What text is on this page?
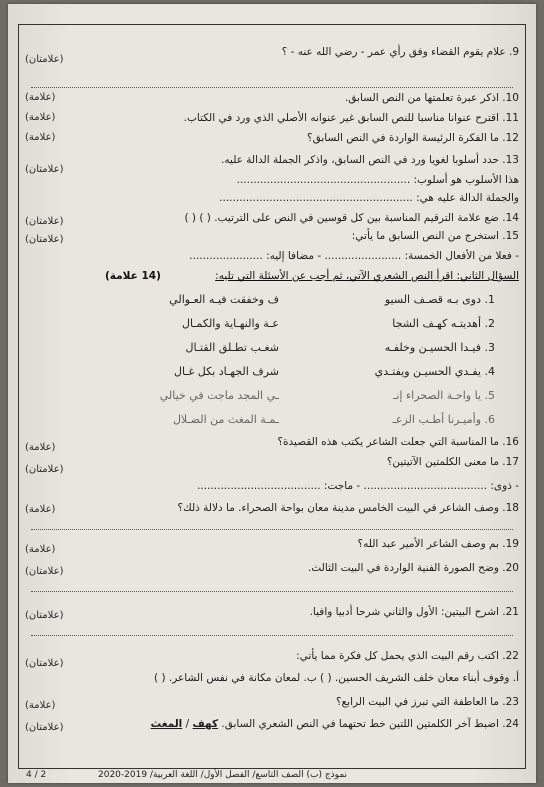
9. علام يقوم القضاء وفق رأي عمر - رضي الله عنه - ؟
(علامتان)
10. اذكر عبرة تعلمتها من النص السابق.
(علامة)
11. اقترح عنوانا مناسبا للنص السابق غير عنوانه الأصلي الذي ورد في الكتاب.
(علامة)
12. ما الفكرة الرئيسة الواردة في النص السابق؟
(علامة)
13. حدد أسلوبا لغويا ورد في النص السابق، واذكر الجملة الدالة عليه.
(علامتان)
هذا الأسلوب هو أسلوب: ....................................................
والجملة الدالة عليه هي: ..........................................................
14. ضع علامة الترقيم المناسبة بين كل قوسين في النص على الترتيب. ( ) ( )
(علامتان)
15. استخرج من النص السابق ما يأتي:
(علامتان)
- فعلا من الأفعال الخمسة: ....................... - مضافا إليه: ......................
السؤال الثاني: اقرأ النص الشعري الآتي، ثم أجب عن الأسئلة التي تليه:
(14 علامة)
1. دوى بـه قصـف السيو
ف وخفقت فيـه العـوالي
2. أهديتـه كهـف الشجا
عـة والنهـاية والكمـال
3. فيـدا الحسيـن وخلفـه
شغـب تطـلق القتـال
4. يفـدي الحسيـن ويفتـدي
شرف الجهـاد بكل غـال
5. يا واحـة الصحراء إنـ
ـي المجد ماجت في خيالي
6. وأميـرنا أطـب الزعـ
ـمـة المغث من الضـلال
16. ما المناسبة التي جعلت الشاعر يكتب هذه القصيدة؟
(علامة)
17. ما معنى الكلمتين الآتيتين؟
(علامتان)
- ذوى: ..................................... - ماجت: .....................................
18. وصف الشاعر في البيت الخامس مدينة معان بواحة الصحراء. ما دلالة ذلك؟
(علامة)
19. بم وصف الشاعر الأمير عبد الله؟
(علامة)
20. وضح الصورة الفنية الواردة في البيت الثالث.
(علامتان)
21. اشرح البيتين: الأول والثاني شرحا أدبيا وافيا.
(علامتان)
22. اكتب رقم البيت الذي يحمل كل فكرة مما يأتي:
(علامتان)
أ. وقوف أبناء معان خلف الشريف الحسين. ( ) ب. لمعان مكانة في نفس الشاعر. ( )
23. ما العاطفة التي تبرز في البيت الرابع؟
(علامة)
24. اضبط آخر الكلمتين اللتين خط تحتهما في النص الشعري السابق. كهف / المغث
(علامتان)
نموذج (ب) الصف التاسع/ الفصل الأول/ اللغة العربية/ 2019-2020
4 / 2
